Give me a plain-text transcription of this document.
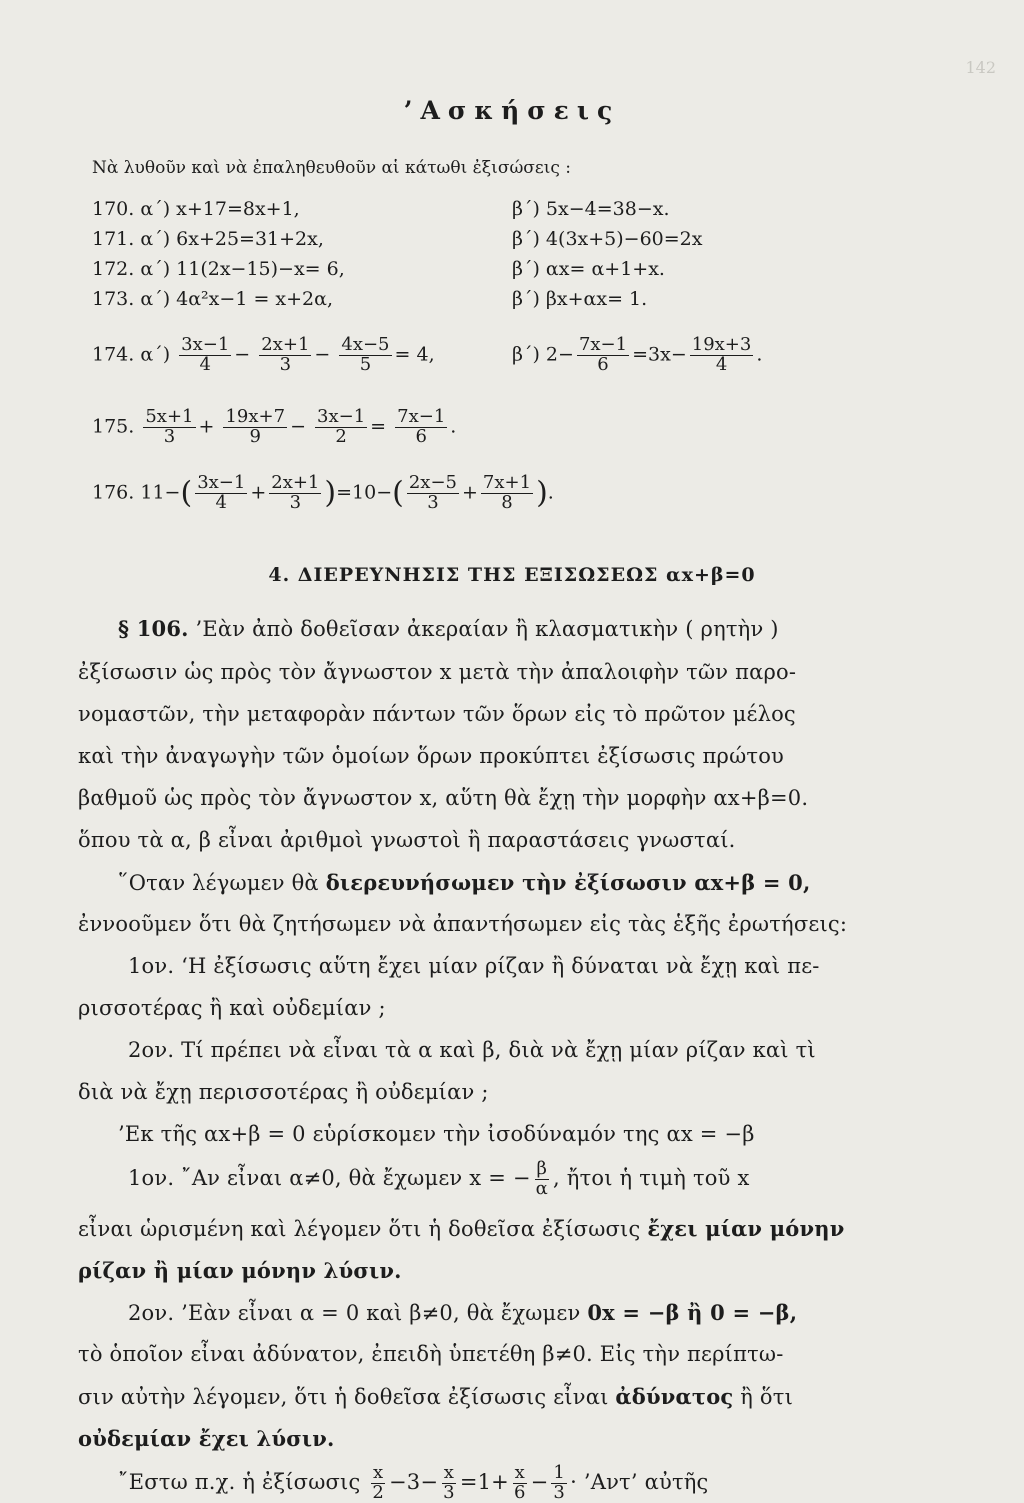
142
’Ασκήσεις
Νὰ λυθοῦν καὶ νὰ ἐπαληθευθοῦν αἱ κάτωθι ἐξισώσεις :
170. α΄) x+17=8x+1,	β΄) 5x−4=38−x.
171. α΄) 6x+25=31+2x,	β΄) 4(3x+5)−60=2x
172. α΄) 11(2x−15)−x= 6,	β΄) αx= α+1+x.
173. α΄) 4α²x−1 = x+2α,	β΄) βx+αx= 1.
174. $\alpha΄) \frac{3x-1}{4} - \frac{2x+1}{3} - \frac{4x-5}{5} = 4$,	β΄) $2- \frac{7x-1}{6} =3x- \frac{19x+3}{4}$ .
175. $\frac{5x+1}{3} + \frac{19x+7}{9} - \frac{3x-1}{2} = \frac{7x-1}{6}$ .
176. $11-( \frac{3x-1}{4} + \frac{2x+1}{3} )=10-( \frac{2x-5}{3} + \frac{7x+1}{8}$ ).
4. ΔΙΕΡΕΥΝΗΣΙΣ ΤΗΣ ΕΞΙΣΩΣΕΩΣ αx+β=0
§ 106. ’Εὰν ἀπὸ δοθεῖσαν ἀκεραίαν ἢ κλασματικὴν ( ρητὴν )
ἐξίσωσιν ὡς πρὸς τὸν ἄγνωστον x μετὰ τὴν ἀπαλοιφὴν τῶν παρο-
νομαστῶν, τὴν μεταφορὰν πάντων τῶν ὅρων εἰς τὸ πρῶτον μέλος
καὶ τὴν ἀναγωγὴν τῶν ὁμοίων ὅρων προκύπτει ἐξίσωσις πρώτου
βαθμοῦ ὡς πρὸς τὸν ἄγνωστον x, αὕτη θὰ ἔχῃ τὴν μορφὴν αx+β=0.
ὅπου τὰ α, β εἶναι ἀριθμοὶ γνωστοὶ ἢ παραστάσεις γνωσταί.
῞Οταν λέγωμεν θὰ διερευνήσωμεν τὴν ἐξίσωσιν αx+β = 0,
ἐννοοῦμεν ὅτι θὰ ζητήσωμεν νὰ ἀπαντήσωμεν εἰς τὰς ἑξῆς ἐρωτήσεις:
1ον. ‘Η ἐξίσωσις αὕτη ἔχει μίαν ρίζαν ἢ δύναται νὰ ἔχῃ καὶ πε-
ρισσοτέρας ἢ καὶ οὐδεμίαν ;
2ον. Τί πρέπει νὰ εἶναι τὰ α καὶ β, διὰ νὰ ἔχῃ μίαν ρίζαν καὶ τὶ
διὰ νὰ ἔχῃ περισσοτέρας ἢ οὐδεμίαν ;
’Εκ τῆς αx+β = 0 εὑρίσκομεν τὴν ἰσοδύναμόν της αx = −β
1ον. ῎Αν εἶναι α≠0, θὰ ἔχωμεν x = − $\frac{\beta}{\alpha}$ , ἤτοι ἡ τιμὴ τοῦ x
εἶναι ὡρισμένη καὶ λέγομεν ὅτι ἡ δοθεῖσα ἐξίσωσις ἔχει μίαν μόνην
ρίζαν ἢ μίαν μόνην λύσιν.
2ον. ’Εὰν εἶναι α = 0 καὶ β≠0, θὰ ἔχωμεν 0x = −β ἢ 0 = −β,
τὸ ὁποῖον εἶναι ἀδύνατον, ἐπειδὴ ὑπετέθη β≠0. Εἰς τὴν περίπτω-
σιν αὐτὴν λέγομεν, ὅτι ἡ δοθεῖσα ἐξίσωσις εἶναι ἀδύνατος ἢ ὅτι
οὐδεμίαν ἔχει λύσιν.
῎Εστω π.χ. ἡ ἐξίσωσις $\frac{x}{2} -3- \frac{x}{3} =1+ \frac{x}{6} - \frac{1}{3}$ · ’Αντ’ αὐτῆς
